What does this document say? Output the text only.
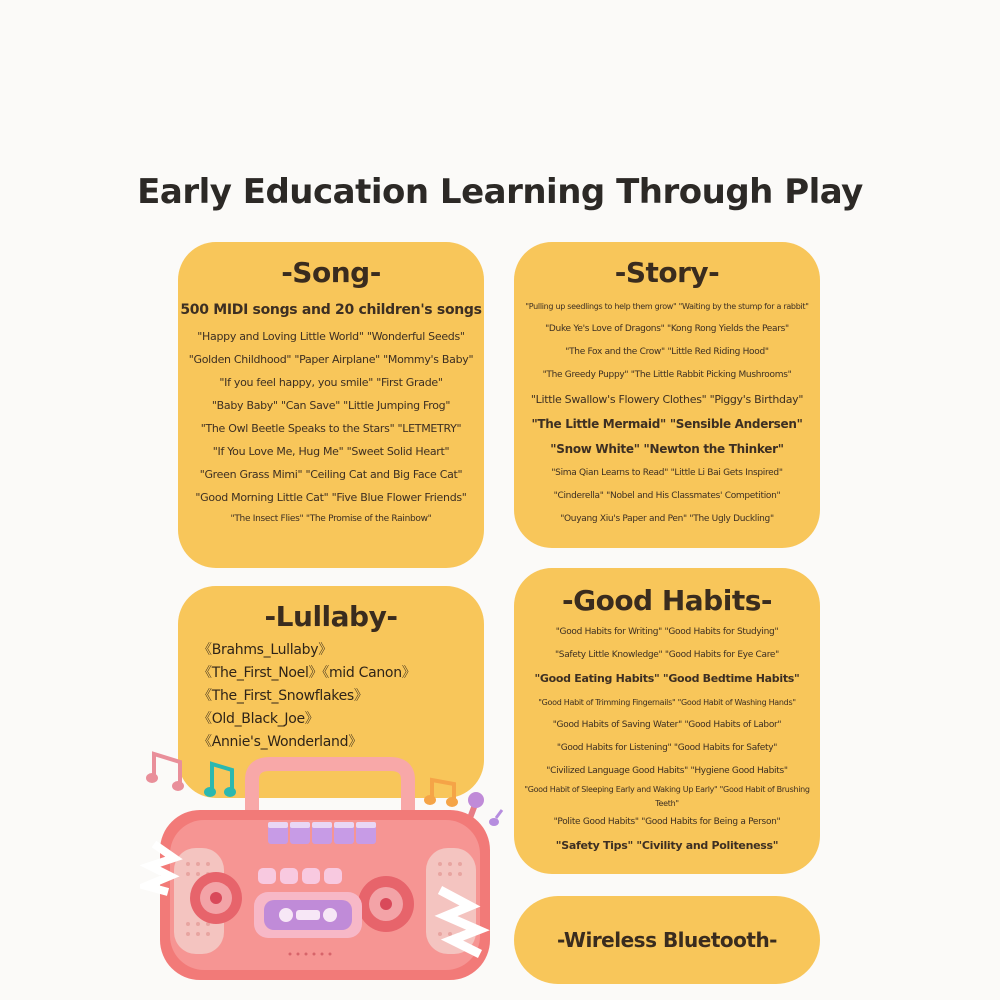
Early Education Learning Through Play
-Song-
500 MIDI songs and 20 children's songs
"Happy and Loving Little World" "Wonderful Seeds"
"Golden Childhood" "Paper Airplane" "Mommy's Baby"
"If you feel happy, you smile" "First Grade"
"Baby Baby" "Can Save" "Little Jumping Frog"
"The Owl Beetle Speaks to the Stars" "LETMETRY"
"If You Love Me, Hug Me" "Sweet Solid Heart"
"Green Grass Mimi" "Ceiling Cat and Big Face Cat"
"Good Morning Little Cat" "Five Blue Flower Friends"
"The Insect Flies" "The Promise of the Rainbow"
-Story-
"Pulling up seedlings to help them grow" "Waiting by the stump for a rabbit"
"Duke Ye's Love of Dragons" "Kong Rong Yields the Pears"
"The Fox and the Crow" "Little Red Riding Hood"
"The Greedy Puppy" "The Little Rabbit Picking Mushrooms"
"Little Swallow's Flowery Clothes" "Piggy's Birthday"
"The Little Mermaid" "Sensible Andersen"
"Snow White" "Newton the Thinker"
"Sima Qian Learns to Read" "Little Li Bai Gets Inspired"
"Cinderella" "Nobel and His Classmates' Competition"
"Ouyang Xiu's Paper and Pen" "The Ugly Duckling"
-Lullaby-
《Brahms_Lullaby》
《The_First_Noel》《mid Canon》
《The_First_Snowflakes》
《Old_Black_Joe》
《Annie's_Wonderland》
-Good Habits-
"Good Habits for Writing" "Good Habits for Studying"
"Safety Little Knowledge" "Good Habits for Eye Care"
"Good Eating Habits" "Good Bedtime Habits"
"Good Habit of Trimming Fingernails" "Good Habit of Washing Hands"
"Good Habits of Saving Water" "Good Habits of Labor"
"Good Habits for Listening" "Good Habits for Safety"
"Civilized Language Good Habits" "Hygiene Good Habits"
"Good Habit of Sleeping Early and Waking Up Early" "Good Habit of Brushing Teeth"
"Polite Good Habits" "Good Habits for Being a Person"
"Safety Tips" "Civility and Politeness"
-Wireless Bluetooth-
